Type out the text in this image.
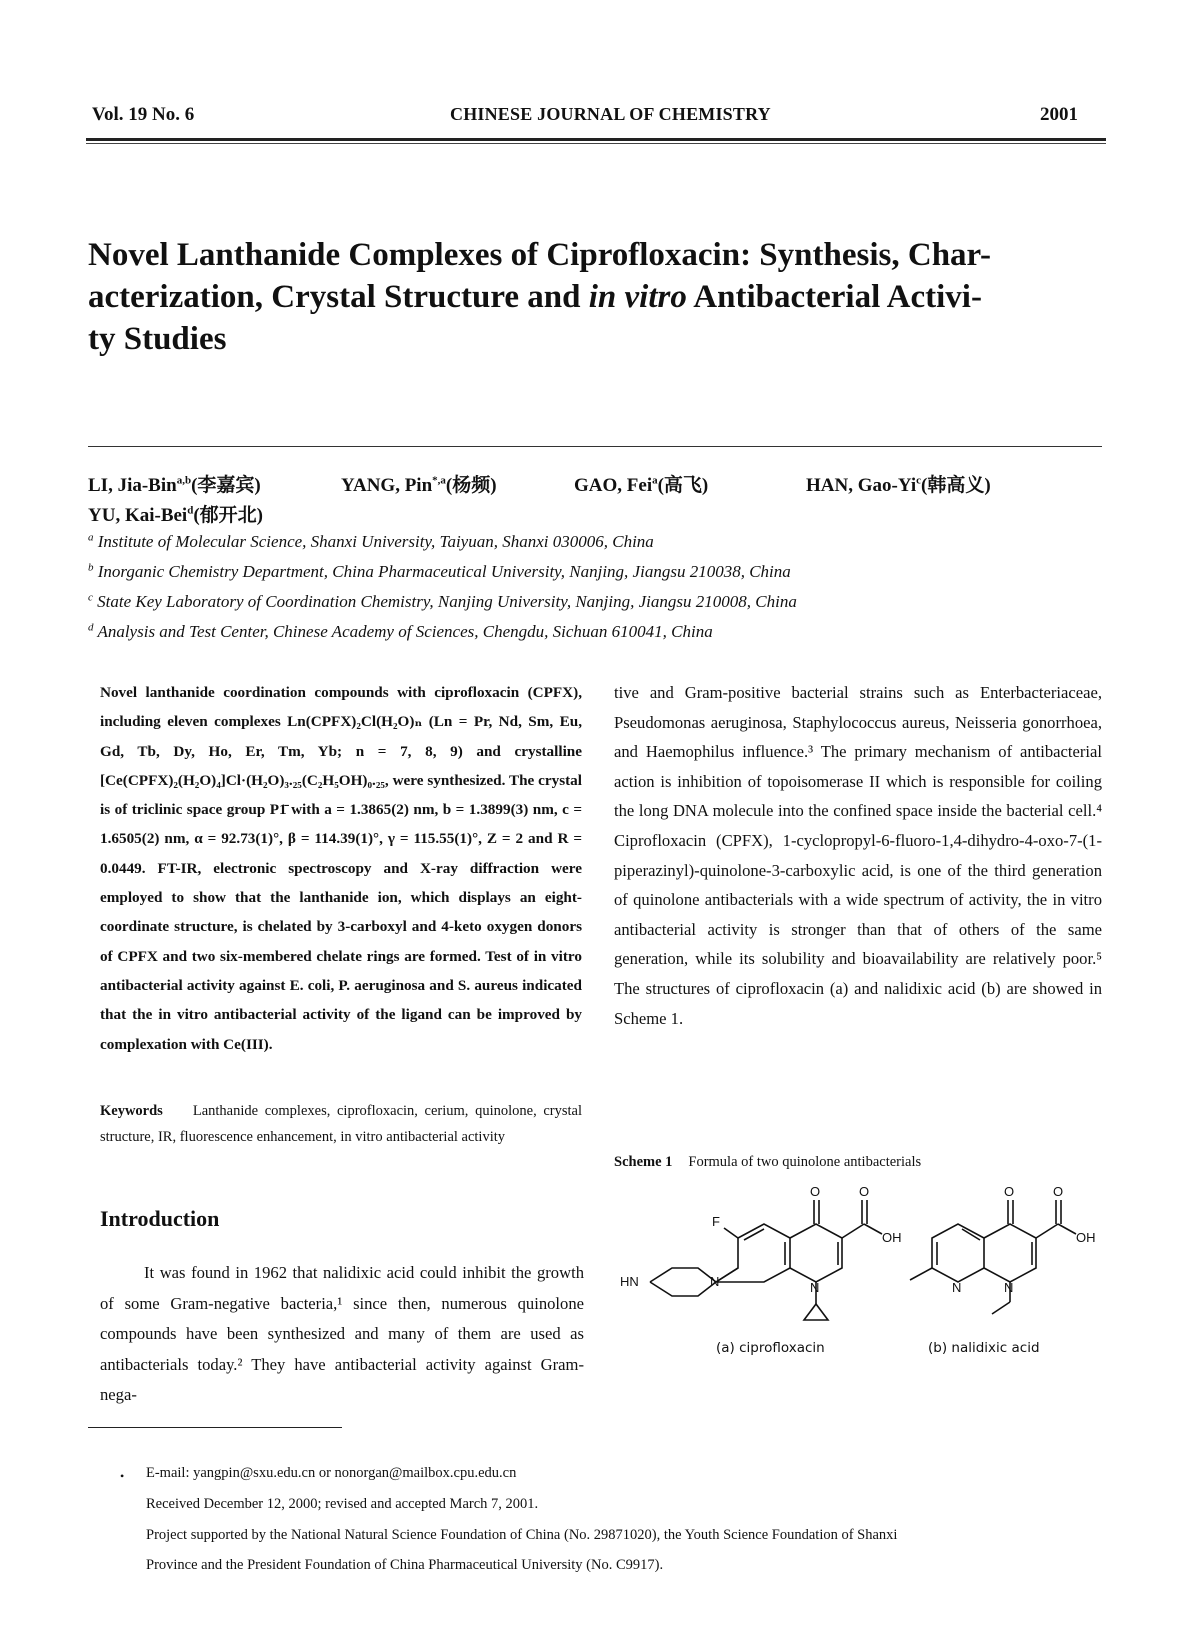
Vol. 19 No. 6	CHINESE JOURNAL OF CHEMISTRY	2001
Novel Lanthanide Complexes of Ciprofloxacin: Synthesis, Char-
acterization, Crystal Structure and in vitro Antibacterial Activi-
ty Studies
LI, Jia-Bin$^{a,b}$(李嘉宾)	YANG, Pin$^{*,a}$(杨频)	GAO, Fei$^a$(高飞)	HAN, Gao-Yi$^c$(韩高义)
YU, Kai-Bei$^d$(郁开北)
$^a$ Institute of Molecular Science, Shanxi University, Taiyuan, Shanxi 030006, China
$^b$ Inorganic Chemistry Department, China Pharmaceutical University, Nanjing, Jiangsu 210038, China
$^c$ State Key Laboratory of Coordination Chemistry, Nanjing University, Nanjing, Jiangsu 210008, China
$^d$ Analysis and Test Center, Chinese Academy of Sciences, Chengdu, Sichuan 610041, China
Novel lanthanide coordination compounds with ciprofloxacin (CPFX), including eleven complexes Ln(CPFX)₂Cl(H₂O)ₙ (Ln = Pr, Nd, Sm, Eu, Gd, Tb, Dy, Ho, Er, Tm, Yb; n = 7, 8, 9) and crystalline [Ce(CPFX)₂(H₂O)₄]Cl·(H₂O)₃.₂₅(C₂H₅OH)₀.₂₅, were synthesized. The crystal is of triclinic space group P1̄ with a = 1.3865(2) nm, b = 1.3899(3) nm, c = 1.6505(2) nm, α = 92.73(1)°, β = 114.39(1)°, γ = 115.55(1)°, Z = 2 and R = 0.0449. FT-IR, electronic spectroscopy and X-ray diffraction were employed to show that the lanthanide ion, which displays an eight-coordinate structure, is chelated by 3-carboxyl and 4-keto oxygen donors of CPFX and two six-membered chelate rings are formed. Test of in vitro antibacterial activity against E. coli, P. aeruginosa and S. aureus indicated that the in vitro antibacterial activity of the ligand can be improved by complexation with Ce(III).
Keywords Lanthanide complexes, ciprofloxacin, cerium, quinolone, crystal structure, IR, fluorescence enhancement, in vitro antibacterial activity
Introduction

It was found in 1962 that nalidixic acid could inhibit the growth of some Gram-negative bacteria,¹ since then, numerous quinolone compounds have been synthesized and many of them are used as antibacterials today.² They have antibacterial activity against Gram-nega-

tive and Gram-positive bacterial strains such as Enterbacteriaceae, Pseudomonas aeruginosa, Staphylococcus aureus, Neisseria gonorrhoea, and Haemophilus influence.³ The primary mechanism of antibacterial action is inhibition of topoisomerase II which is responsible for coiling the long DNA molecule into the confined space inside the bacterial cell.⁴ Ciprofloxacin (CPFX), 1-cyclopropyl-6-fluoro-1,4-dihydro-4-oxo-7-(1-piperazinyl)-quinolone-3-carboxylic acid, is one of the third generation of quinolone antibacterials with a wide spectrum of activity, the in vitro antibacterial activity is stronger than that of others of the same generation, while its solubility and bioavailability are relatively poor.⁵ The structures of ciprofloxacin (a) and nalidixic acid (b) are showed in Scheme 1.

Scheme 1 Formula of two quinolone antibacterials
HN
F
N	N
O	O
OH
N	N
O	O
OH
(a) ciprofloxacin	(b) nalidixic acid
• E-mail: yangpin@sxu.edu.cn or nonorgan@mailbox.cpu.edu.cn
Received December 12, 2000; revised and accepted March 7, 2001.
Project supported by the National Natural Science Foundation of China (No. 29871020), the Youth Science Foundation of Shanxi
Province and the President Foundation of China Pharmaceutical University (No. C9917).
